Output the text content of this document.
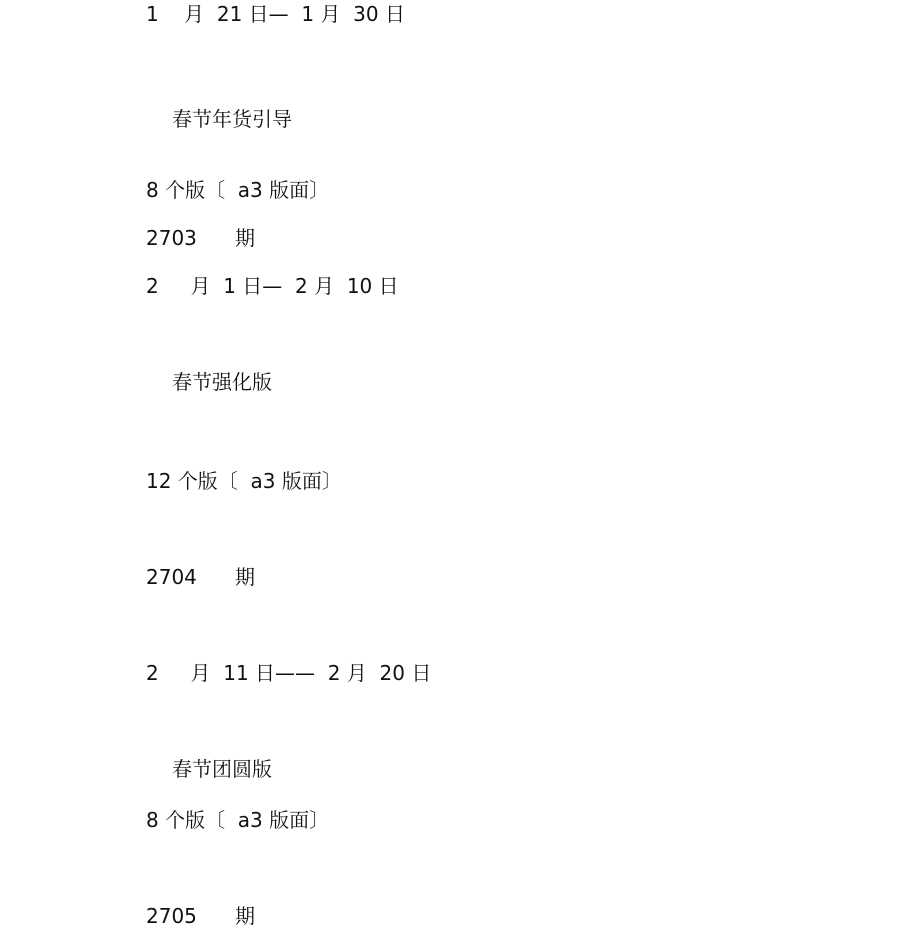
1    月  21 日—  1 月  30 日
春节年货引导
8 个版〔  a3 版面〕
2703      期
2     月  1 日—  2 月  10 日
春节强化版
12 个版〔  a3 版面〕
2704      期
2     月  11 日——  2 月  20 日
春节团圆版
8 个版〔  a3 版面〕
2705      期
